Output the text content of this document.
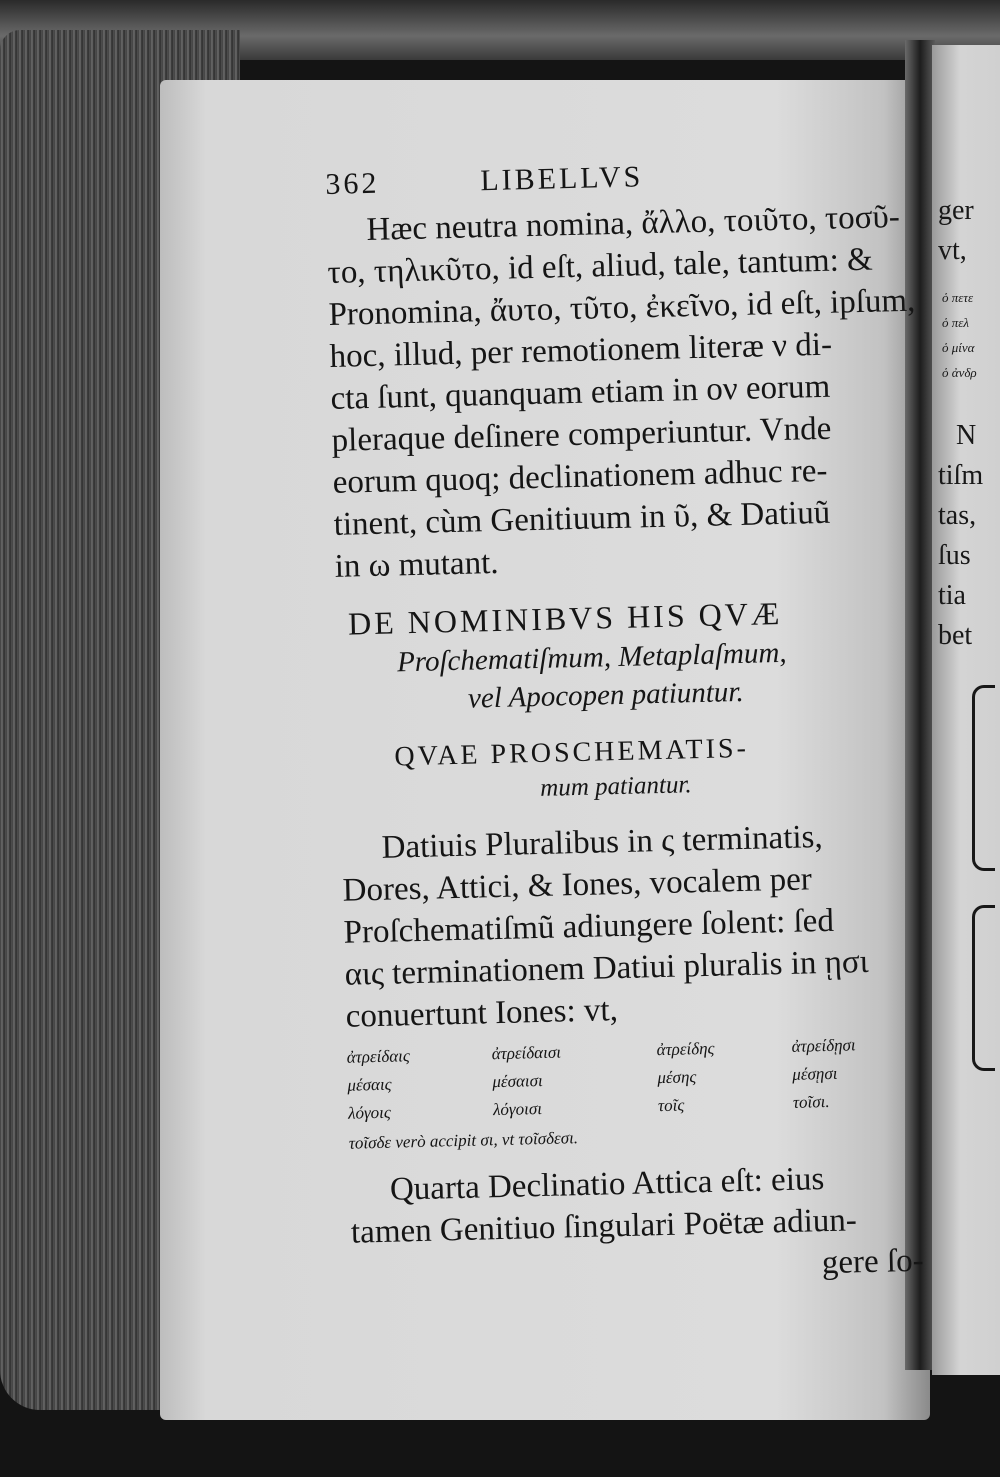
ger
vt,
ὁ πετε
ὁ πελ
ὁ μίνα
ὁ ἀνδρ
N
tiſm
tas,
ſus
tia
bet
362	LIBELLVS
Hæc neutra nomina, ἄλλο, τοιῦτο, τοσῦ-
το, τηλικῦτο, id eſt, aliud, tale, tantum: &
Pronomina, ἄυτο, τῦτο, ἐκεῖνο, id eſt, ipſum,
hoc, illud, per remotionem literæ ν di-
cta ſunt, quanquam etiam in ον eorum
pleraque deſinere comperiuntur. Vnde
eorum quoq; declinationem adhuc re-
tinent, cùm Genitiuum in ῦ, & Datiuũ
in ω mutant.
DE NOMINIBVS HIS QVÆ
Proſchematiſmum, Metaplaſmum,
vel Apocopen patiuntur.
QVAE PROSCHEMATIS-
mum patiantur.
Datiuis Pluralibus in ς terminatis,
Dores, Attici, & Iones, vocalem per
Proſchematiſmũ adiungere ſolent: ſed
αις terminationem Datiui pluralis in ῃσι
conuertunt Iones: vt,
ἀτρείδαις	ἀτρείδαισι	ἀτρείδης	ἀτρείδῃσι
μέσαις	μέσαισι	μέσης	μέσῃσι
λόγοις	λόγοισι	τοῖς	τοῖσι.
τοῖσδε verò accipit σι, vt τοῖσδεσι.
Quarta Declinatio Attica eſt: eius
tamen Genitiuo ſingulari Poëtæ adiun-
gere ſo-
